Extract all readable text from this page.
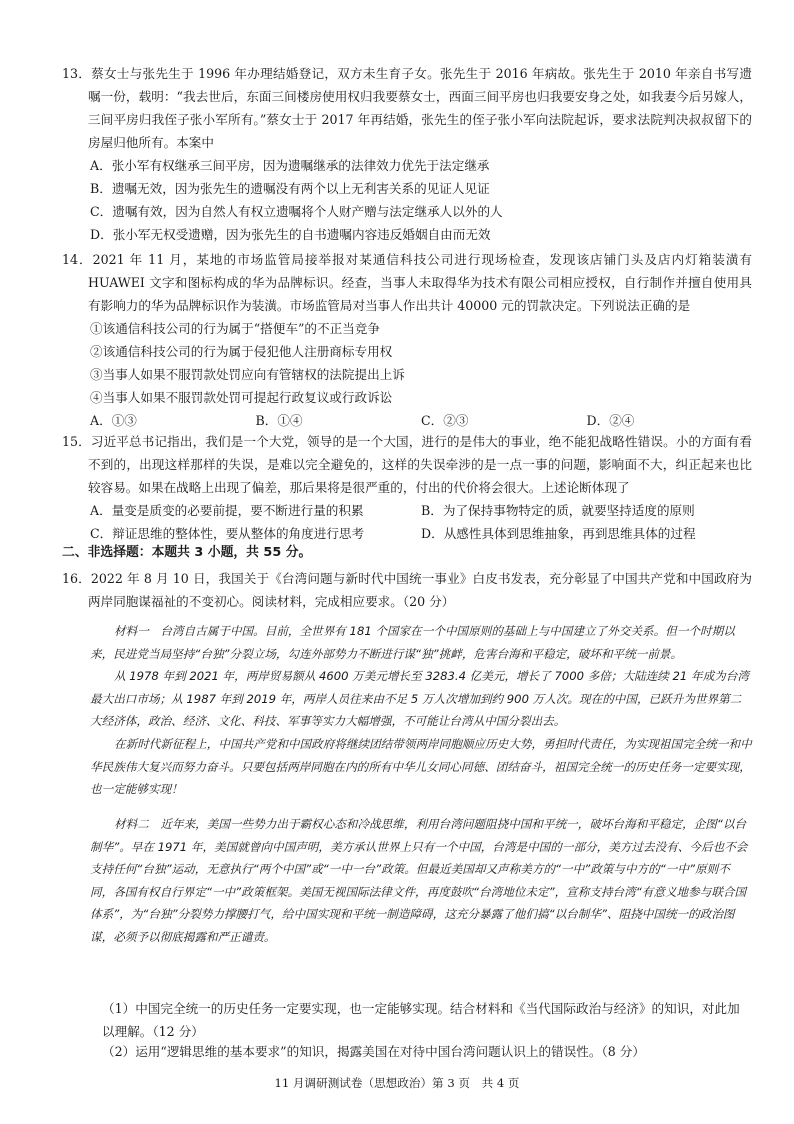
13．蔡女士与张先生于 1996 年办理结婚登记，双方未生育子女。张先生于 2016 年病故。张先生于 2010 年亲自书写遗嘱一份，载明：“我去世后，东面三间楼房使用权归我要蔡女士，西面三间平房也归我要安身之处，如我妻今后另嫁人，三间平房归我侄子张小军所有。”蔡女士于 2017 年再结婚，张先生的侄子张小军向法院起诉，要求法院判决叔叔留下的房屋归他所有。本案中

A．张小军有权继承三间平房，因为遗嘱继承的法律效力优先于法定继承

B．遗嘱无效，因为张先生的遗嘱没有两个以上无利害关系的见证人见证

C．遗嘱有效，因为自然人有权立遗嘱将个人财产赠与法定继承人以外的人

D．张小军无权受遗赠，因为张先生的自书遗嘱内容违反婚姻自由而无效

14．2021 年 11 月，某地的市场监管局接举报对某通信科技公司进行现场检查，发现该店铺门头及店内灯箱装潢有 HUAWEI 文字和图标构成的华为品牌标识。经查，当事人未取得华为技术有限公司相应授权，自行制作并擅自使用具有影响力的华为品牌标识作为装潢。市场监管局对当事人作出共计 40000 元的罚款决定。下列说法正确的是

①该通信科技公司的行为属于“搭便车”的不正当竞争

②该通信科技公司的行为属于侵犯他人注册商标专用权

③当事人如果不服罚款处罚应向有管辖权的法院提出上诉

④当事人如果不服罚款处罚可提起行政复议或行政诉讼

A．①③	B．①④	C．②③	D．②④

15．习近平总书记指出，我们是一个大党，领导的是一个大国，进行的是伟大的事业，绝不能犯战略性错误。小的方面有看不到的，出现这样那样的失误，是难以完全避免的，这样的失误牵涉的是一点一事的问题，影响面不大，纠正起来也比较容易。如果在战略上出现了偏差，那后果将是很严重的，付出的代价将会很大。上述论断体现了

A．量变是质变的必要前提，要不断进行量的积累	B．为了保持事物特定的质，就要坚持适度的原则
C．辩证思维的整体性，要从整体的角度进行思考	D．从感性具体到思维抽象，再到思维具体的过程
二、非选择题：本题共 3 小题，共 55 分。

16．2022 年 8 月 10 日，我国关于《台湾问题与新时代中国统一事业》白皮书发表，充分彰显了中国共产党和中国政府为两岸同胞谋福祉的不变初心。阅读材料，完成相应要求。（20 分）

材料一　台湾自古属于中国。目前，全世界有 181 个国家在一个中国原则的基础上与中国建立了外交关系。但一个时期以来，民进党当局坚持“台独”分裂立场，勾连外部势力不断进行谋“独”挑衅，危害台海和平稳定，破坏和平统一前景。

从 1978 年到 2021 年，两岸贸易额从 4600 万美元增长至 3283.4 亿美元，增长了 7000 多倍；大陆连续 21 年成为台湾最大出口市场；从 1987 年到 2019 年，两岸人员往来由不足 5 万人次增加到约 900 万人次。现在的中国，已跃升为世界第二大经济体，政治、经济、文化、科技、军事等实力大幅增强，不可能让台湾从中国分裂出去。

在新时代新征程上，中国共产党和中国政府将继续团结带领两岸同胞顺应历史大势，勇担时代责任，为实现祖国完全统一和中华民族伟大复兴而努力奋斗。只要包括两岸同胞在内的所有中华儿女同心同德、团结奋斗，祖国完全统一的历史任务一定要实现，也一定能够实现！

材料二　近年来，美国一些势力出于霸权心态和冷战思维，利用台湾问题阻挠中国和平统一，破坏台海和平稳定，企图“以台制华”。早在 1971 年，美国就曾向中国声明，美方承认世界上只有一个中国，台湾是中国的一部分，美方过去没有、今后也不会支持任何“台独”运动，无意执行“两个中国”或“一中一台”政策。但最近美国却又声称美方的“一中”政策与中方的“一中”原则不同，各国有权自行界定“一中”政策框架。美国无视国际法律文件，再度鼓吹“台湾地位未定”，宣称支持台湾“有意义地参与联合国体系”，为“台独”分裂势力撑腰打气，给中国实现和平统一制造障碍，这充分暴露了他们搞“以台制华”、阻挠中国统一的政治图谋，必须予以彻底揭露和严正谴责。

（1）中国完全统一的历史任务一定要实现，也一定能够实现。结合材料和《当代国际政治与经济》的知识，对此加以理解。（12 分）

（2）运用“逻辑思维的基本要求”的知识，揭露美国在对待中国台湾问题认识上的错误性。（8 分）

11 月调研测试卷（思想政治）第 3 页　共 4 页
